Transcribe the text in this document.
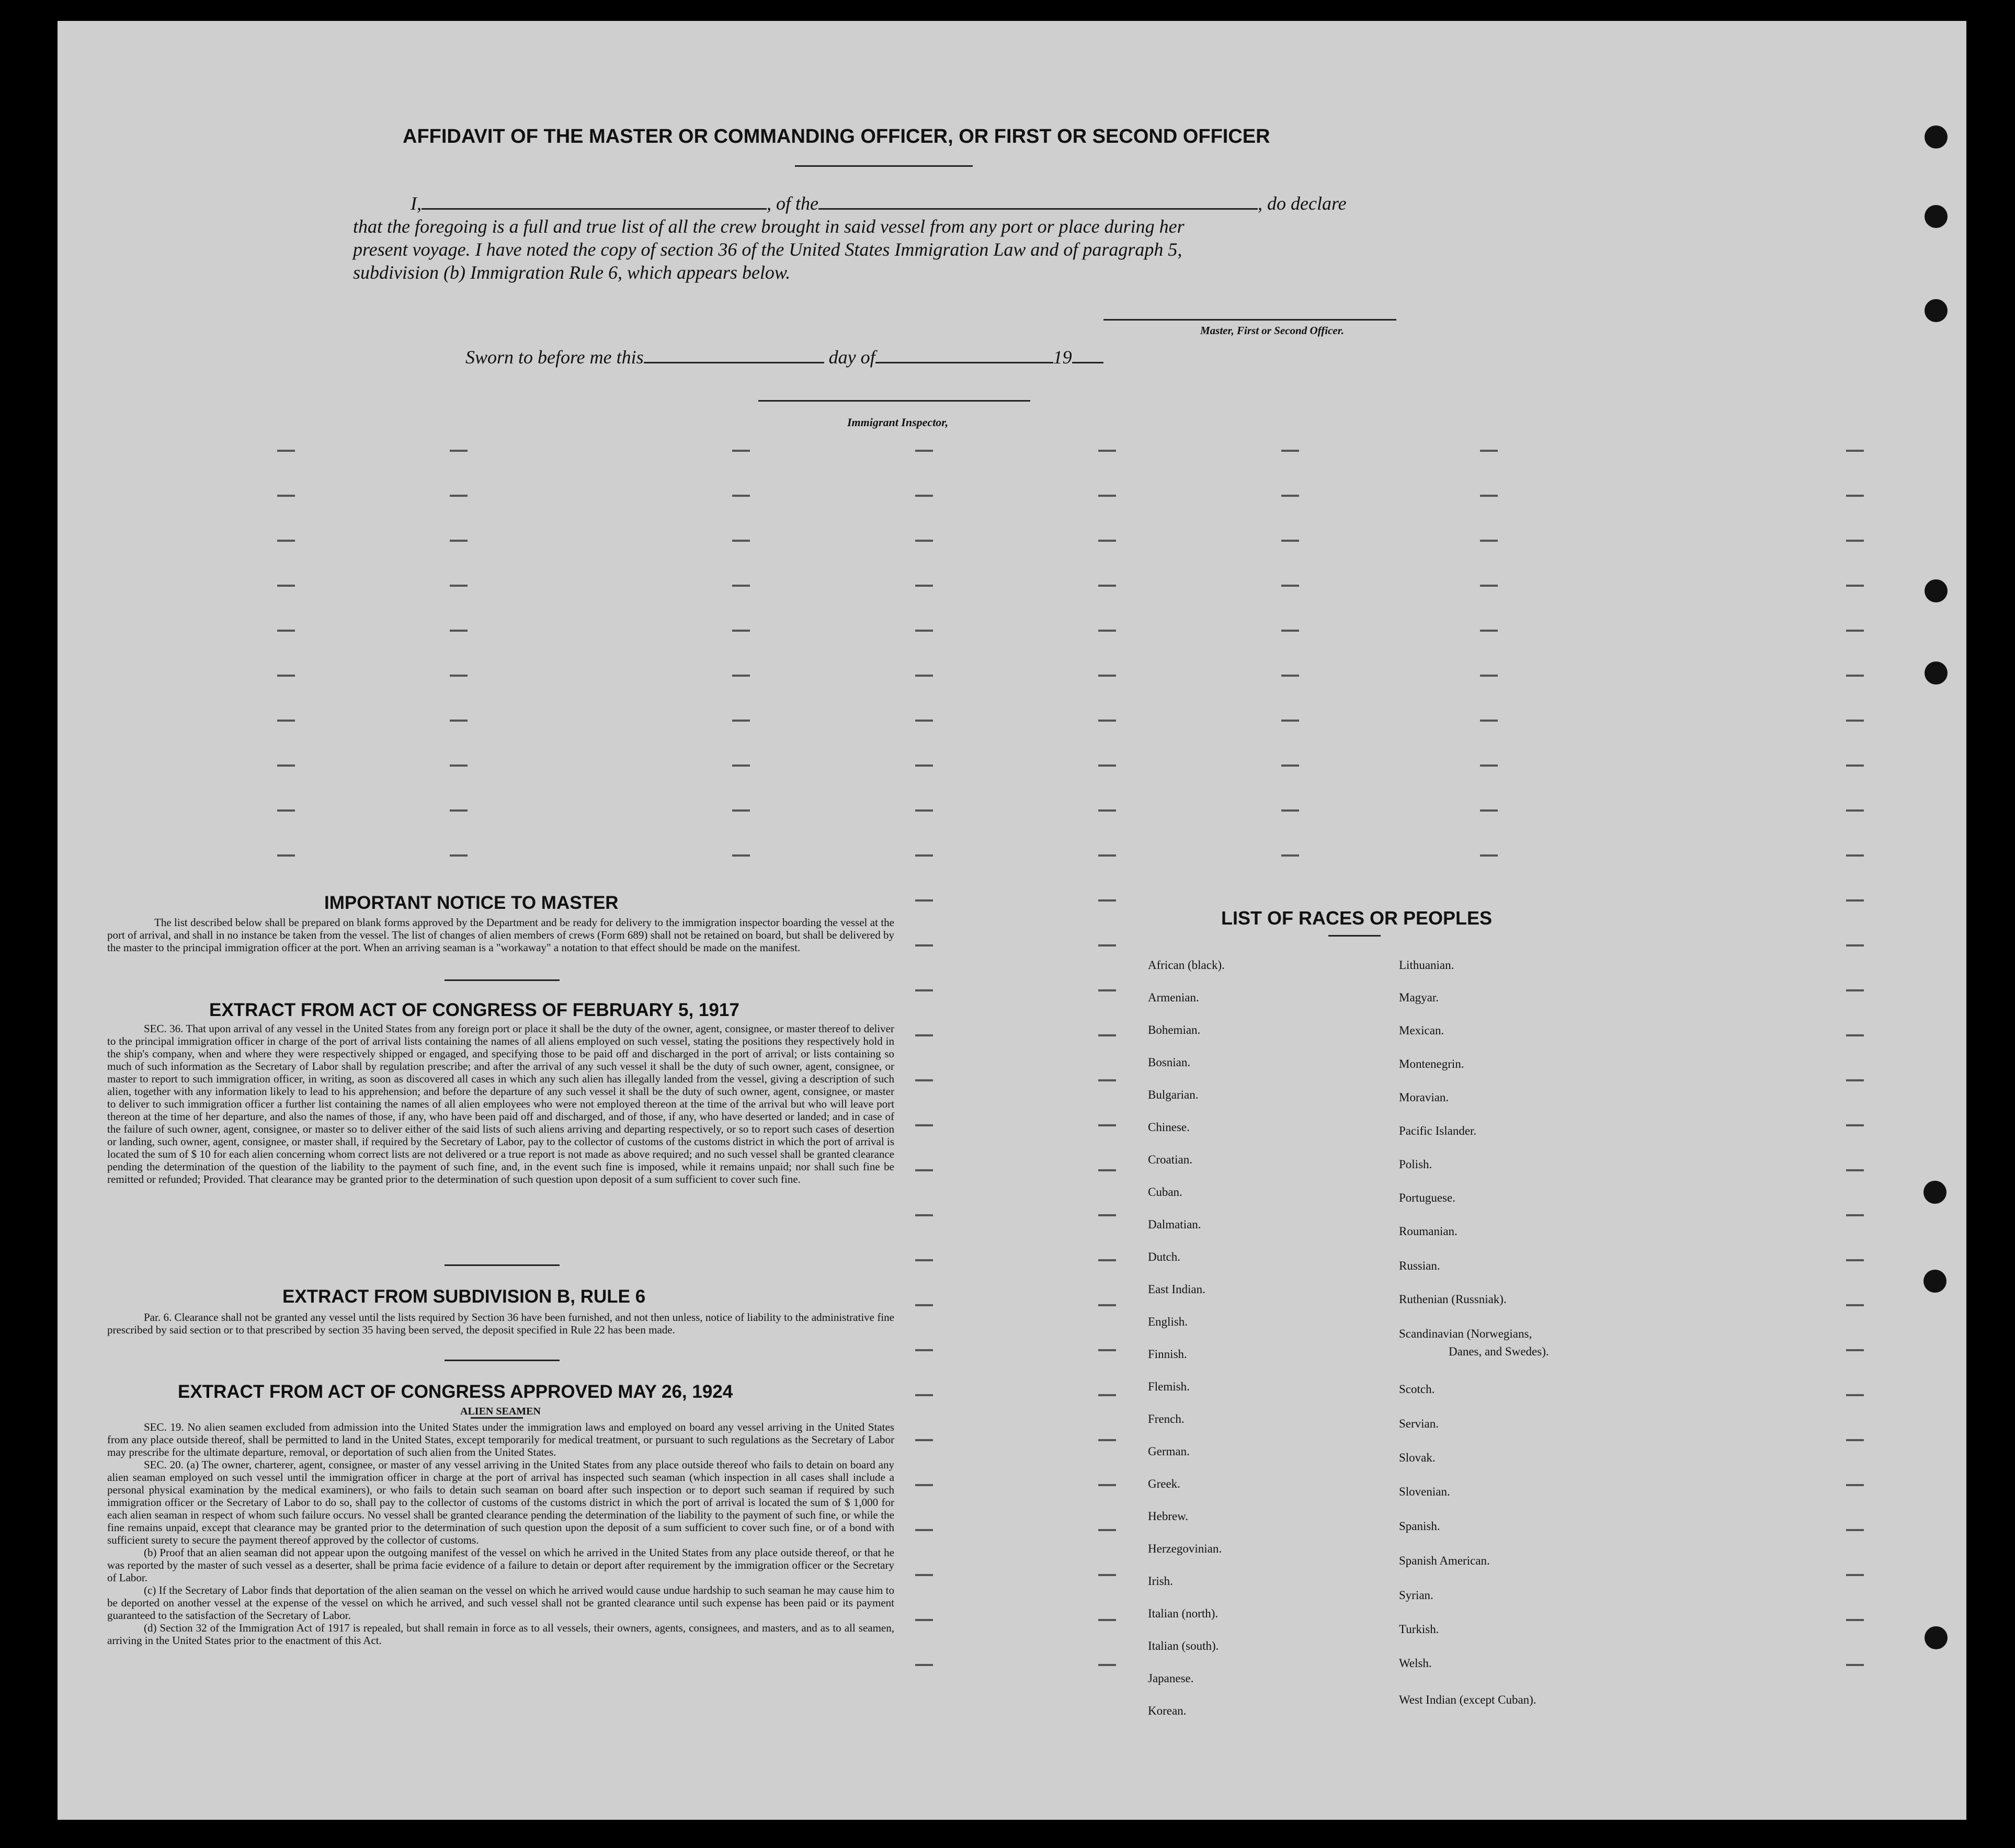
AFFIDAVIT OF THE MASTER OR COMMANDING OFFICER, OR FIRST OR SECOND OFFICER
I,	, of the	, do declare
that the foregoing is a full and true list of all the crew brought in said vessel from any port or place during her
present voyage. I have noted the copy of section 36 of the United States Immigration Law and of paragraph 5,
subdivision (b) Immigration Rule 6, which appears below.
Master, First or Second Officer.
Sworn to before me this	day of	19
Immigrant Inspector,
IMPORTANT NOTICE TO MASTER
The list described below shall be prepared on blank forms approved by the Department and be ready for delivery to the immigration inspector boarding the vessel at the port of arrival, and shall in no instance be taken from the vessel. The list of changes of alien members of crews (Form 689) shall not be retained on board, but shall be delivered by the master to the principal immigration officer at the port. When an arriving seaman is a "workaway" a notation to that effect should be made on the manifest.
EXTRACT FROM ACT OF CONGRESS OF FEBRUARY 5, 1917
SEC. 36. That upon arrival of any vessel in the United States from any foreign port or place it shall be the duty of the owner, agent, consignee, or master thereof to deliver to the principal immigration officer in charge of the port of arrival lists containing the names of all aliens employed on such vessel, stating the positions they respectively hold in the ship's company, when and where they were respectively shipped or engaged, and specifying those to be paid off and discharged in the port of arrival; or lists containing so much of such information as the Secretary of Labor shall by regulation prescribe; and after the arrival of any such vessel it shall be the duty of such owner, agent, consignee, or master to report to such immigration officer, in writing, as soon as discovered all cases in which any such alien has illegally landed from the vessel, giving a description of such alien, together with any information likely to lead to his apprehension; and before the departure of any such vessel it shall be the duty of such owner, agent, consignee, or master to deliver to such immigration officer a further list containing the names of all alien employees who were not employed thereon at the time of the arrival but who will leave port thereon at the time of her departure, and also the names of those, if any, who have been paid off and discharged, and of those, if any, who have deserted or landed; and in case of the failure of such owner, agent, consignee, or master so to deliver either of the said lists of such aliens arriving and departing respectively, or so to report such cases of desertion or landing, such owner, agent, consignee, or master shall, if required by the Secretary of Labor, pay to the collector of customs of the customs district in which the port of arrival is located the sum of $ 10 for each alien concerning whom correct lists are not delivered or a true report is not made as above required; and no such vessel shall be granted clearance pending the determination of the question of the liability to the payment of such fine, and, in the event such fine is imposed, while it remains unpaid; nor shall such fine be remitted or refunded; Provided. That clearance may be granted prior to the determination of such question upon deposit of a sum sufficient to cover such fine.
EXTRACT FROM SUBDIVISION B, RULE 6
Par. 6. Clearance shall not be granted any vessel until the lists required by Section 36 have been furnished, and not then unless, notice of liability to the administrative fine prescribed by said section or to that prescribed by section 35 having been served, the deposit specified in Rule 22 has been made.
EXTRACT FROM ACT OF CONGRESS APPROVED MAY 26, 1924
ALIEN SEAMEN
SEC. 19. No alien seamen excluded from admission into the United States under the immigration laws and employed on board any vessel arriving in the United States from any place outside thereof, shall be permitted to land in the United States, except temporarily for medical treatment, or pursuant to such regulations as the Secretary of Labor may prescribe for the ultimate departure, removal, or deportation of such alien from the United States.
SEC. 20. (a) The owner, charterer, agent, consignee, or master of any vessel arriving in the United States from any place outside thereof who fails to detain on board any alien seaman employed on such vessel until the immigration officer in charge at the port of arrival has inspected such seaman (which inspection in all cases shall include a personal physical examination by the medical examiners), or who fails to detain such seaman on board after such inspection or to deport such seaman if required by such immigration officer or the Secretary of Labor to do so, shall pay to the collector of customs of the customs district in which the port of arrival is located the sum of $ 1,000 for each alien seaman in respect of whom such failure occurs. No vessel shall be granted clearance pending the determination of the liability to the payment of such fine, or while the fine remains unpaid, except that clearance may be granted prior to the determination of such question upon the deposit of a sum sufficient to cover such fine, or of a bond with sufficient surety to secure the payment thereof approved by the collector of customs.
(b) Proof that an alien seaman did not appear upon the outgoing manifest of the vessel on which he arrived in the United States from any place outside thereof, or that he was reported by the master of such vessel as a deserter, shall be prima facie evidence of a failure to detain or deport after requirement by the immigration officer or the Secretary of Labor.
(c) If the Secretary of Labor finds that deportation of the alien seaman on the vessel on which he arrived would cause undue hardship to such seaman he may cause him to be deported on another vessel at the expense of the vessel on which he arrived, and such vessel shall not be granted clearance until such expense has been paid or its payment guaranteed to the satisfaction of the Secretary of Labor.
(d) Section 32 of the Immigration Act of 1917 is repealed, but shall remain in force as to all vessels, their owners, agents, consignees, and masters, and as to all seamen, arriving in the United States prior to the enactment of this Act.
LIST OF RACES OR PEOPLES
Danes, and Swedes).
African (black).
Armenian.
Bohemian.
Bosnian.
Bulgarian.
Chinese.
Croatian.
Cuban.
Dalmatian.
Dutch.
East Indian.
English.
Finnish.
Flemish.
French.
German.
Greek.
Hebrew.
Herzegovinian.
Irish.
Italian (north).
Italian (south).
Japanese.
Korean.
Lithuanian.
Magyar.
Mexican.
Montenegrin.
Moravian.
Pacific Islander.
Polish.
Portuguese.
Roumanian.
Russian.
Ruthenian (Russniak).
Scandinavian (Norwegians,
Scotch.
Servian.
Slovak.
Slovenian.
Spanish.
Spanish American.
Syrian.
Turkish.
Welsh.
West Indian (except Cuban).
